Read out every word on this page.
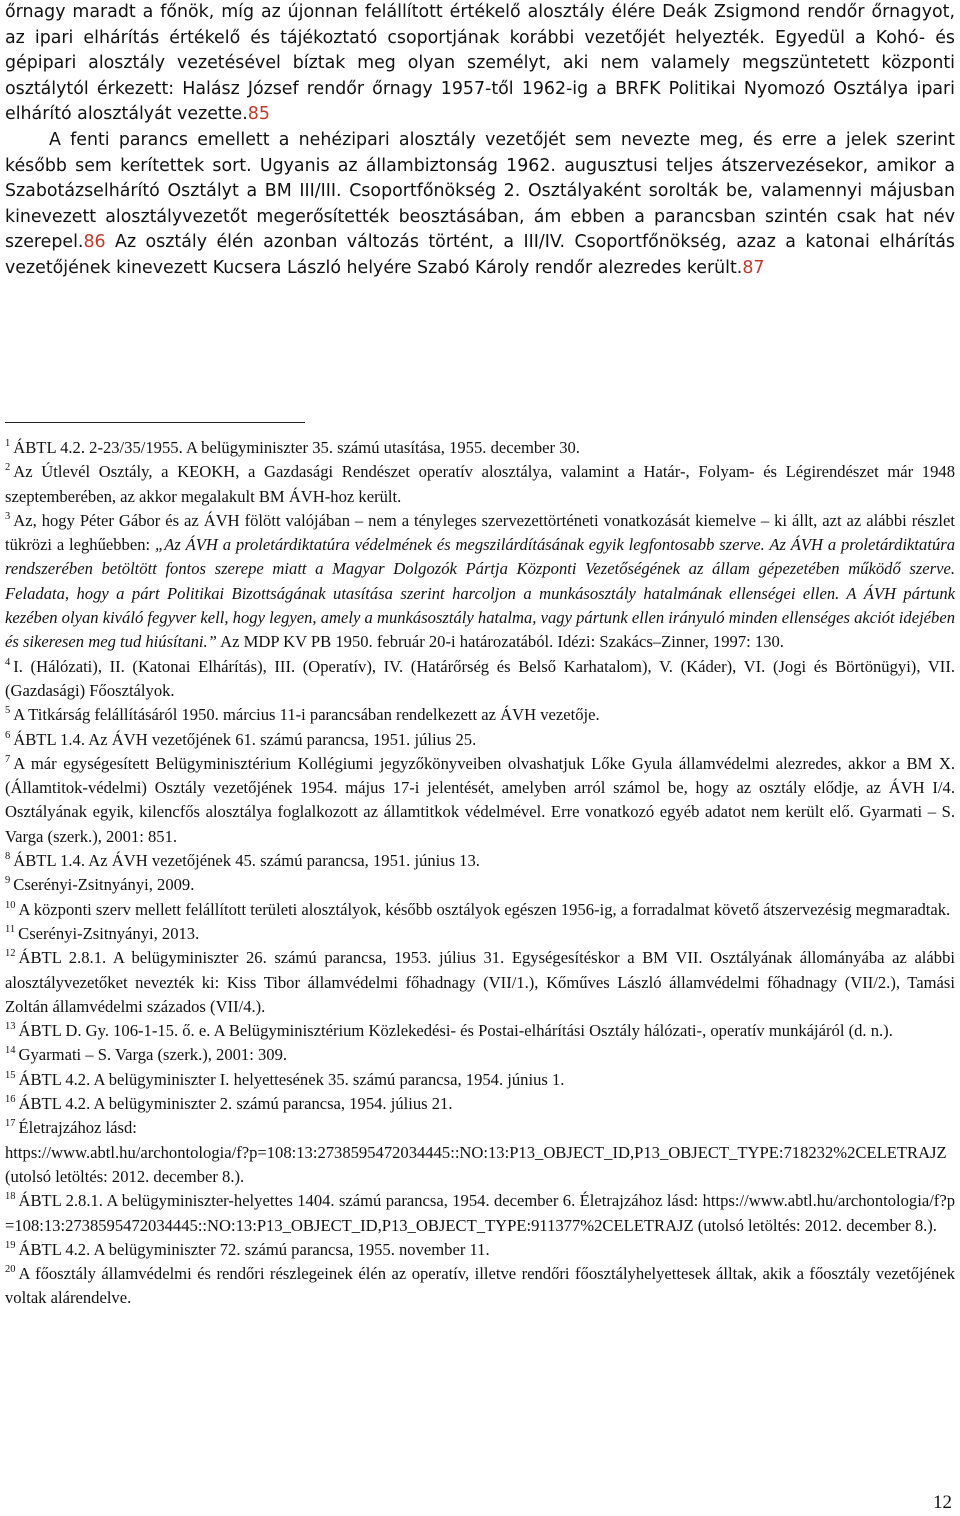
őrnagy maradt a főnök, míg az újonnan felállított értékelő alosztály élére Deák Zsigmond rendőr őrnagyot, az ipari elhárítás értékelő és tájékoztató csoportjának korábbi vezetőjét helyezték. Egyedül a Kohó- és gépipari alosztály vezetésével bíztak meg olyan személyt, aki nem valamely megszüntetett központi osztálytól érkezett: Halász József rendőr őrnagy 1957-től 1962-ig a BRFK Politikai Nyomozó Osztálya ipari elhárító alosztályát vezette.85

A fenti parancs emellett a nehézipari alosztály vezetőjét sem nevezte meg, és erre a jelek szerint később sem kerítettek sort. Ugyanis az állambiztonság 1962. augusztusi teljes átszervezésekor, amikor a Szabotázselhárító Osztályt a BM III/III. Csoportfőnökség 2. Osztályaként sorolták be, valamennyi májusban kinevezett alosztályvezetőt megerősítették beosztásában, ám ebben a parancsban szintén csak hat név szerepel.86 Az osztály élén azonban változás történt, a III/IV. Csoportfőnökség, azaz a katonai elhárítás vezetőjének kinevezett Kucsera László helyére Szabó Károly rendőr alezredes került.87

$^1$ ÁBTL 4.2. 2-23/35/1955. A belügyminiszter 35. számú utasítása, 1955. december 30.

$^2$ Az Útlevél Osztály, a KEOKH, a Gazdasági Rendészet operatív alosztálya, valamint a Határ-, Folyam- és Légirendészet már 1948 szeptemberében, az akkor megalakult BM ÁVH-hoz került.

$^3$ Az, hogy Péter Gábor és az ÁVH fölött valójában – nem a tényleges szervezettörténeti vonatkozását kiemelve – ki állt, azt az alábbi részlet tükrözi a leghűebben: „Az ÁVH a proletárdiktatúra védelmének és megszilárdításának egyik legfontosabb szerve. Az ÁVH a proletárdiktatúra rendszerében betöltött fontos szerepe miatt a Magyar Dolgozók Pártja Központi Vezetőségének az állam gépezetében működő szerve. Feladata, hogy a párt Politikai Bizottságának utasítása szerint harcoljon a munkásosztály hatalmának ellenségei ellen. A ÁVH pártunk kezében olyan kiváló fegyver kell, hogy legyen, amely a munkásosztály hatalma, vagy pártunk ellen irányuló minden ellenséges akciót idejében és sikeresen meg tud hiúsítani.” Az MDP KV PB 1950. február 20-i határozatából. Idézi: Szakács–Zinner, 1997: 130.

$^4$ I. (Hálózati), II. (Katonai Elhárítás), III. (Operatív), IV. (Határőrség és Belső Karhatalom), V. (Káder), VI. (Jogi és Börtönügyi), VII. (Gazdasági) Főosztályok.

$^5$ A Titkárság felállításáról 1950. március 11-i parancsában rendelkezett az ÁVH vezetője.

$^6$ ÁBTL 1.4. Az ÁVH vezetőjének 61. számú parancsa, 1951. július 25.

$^7$ A már egységesített Belügyminisztérium Kollégiumi jegyzőkönyveiben olvashatjuk Lőke Gyula államvédelmi alezredes, akkor a BM X. (Államtitok-védelmi) Osztály vezetőjének 1954. május 17-i jelentését, amelyben arról számol be, hogy az osztály elődje, az ÁVH I/4. Osztályának egyik, kilencfős alosztálya foglalkozott az államtitkok védelmével. Erre vonatkozó egyéb adatot nem került elő. Gyarmati – S. Varga (szerk.), 2001: 851.

$^8$ ÁBTL 1.4. Az ÁVH vezetőjének 45. számú parancsa, 1951. június 13.

$^9$ Cserényi-Zsitnyányi, 2009.

$^{10}$ A központi szerv mellett felállított területi alosztályok, később osztályok egészen 1956-ig, a forradalmat követő átszervezésig megmaradtak.

$^{11}$ Cserényi-Zsitnyányi, 2013.

$^{12}$ ÁBTL 2.8.1. A belügyminiszter 26. számú parancsa, 1953. július 31. Egységesítéskor a BM VII. Osztályának állományába az alábbi alosztályvezetőket nevezték ki: Kiss Tibor államvédelmi főhadnagy (VII/1.), Kőműves László államvédelmi főhadnagy (VII/2.), Tamási Zoltán államvédelmi százados (VII/4.).

$^{13}$ ÁBTL D. Gy. 106-1-15. ő. e. A Belügyminisztérium Közlekedési- és Postai-elhárítási Osztály hálózati-, operatív munkájáról (d. n.).

$^{14}$ Gyarmati – S. Varga (szerk.), 2001: 309.

$^{15}$ ÁBTL 4.2. A belügyminiszter I. helyettesének 35. számú parancsa, 1954. június 1.

$^{16}$ ÁBTL 4.2. A belügyminiszter 2. számú parancsa, 1954. július 21.

$^{17}$ Életrajzához lásd:
https://www.abtl.hu/archontologia/f?p=108:13:2738595472034445::NO:13:P13_OBJECT_ID,P13_OBJECT_TYPE:718232%2CELETRAJZ (utolsó letöltés: 2012. december 8.).

$^{18}$ ÁBTL 2.8.1. A belügyminiszter-helyettes 1404. számú parancsa, 1954. december 6. Életrajzához lásd: https://www.abtl.hu/archontologia/f?p=108:13:2738595472034445::NO:13:P13_OBJECT_ID,P13_OBJECT_TYPE:911377%2CELETRAJZ (utolsó letöltés: 2012. december 8.).

$^{19}$ ÁBTL 4.2. A belügyminiszter 72. számú parancsa, 1955. november 11.

$^{20}$ A főosztály államvédelmi és rendőri részlegeinek élén az operatív, illetve rendőri főosztályhelyettesek álltak, akik a főosztály vezetőjének voltak alárendelve.

12
